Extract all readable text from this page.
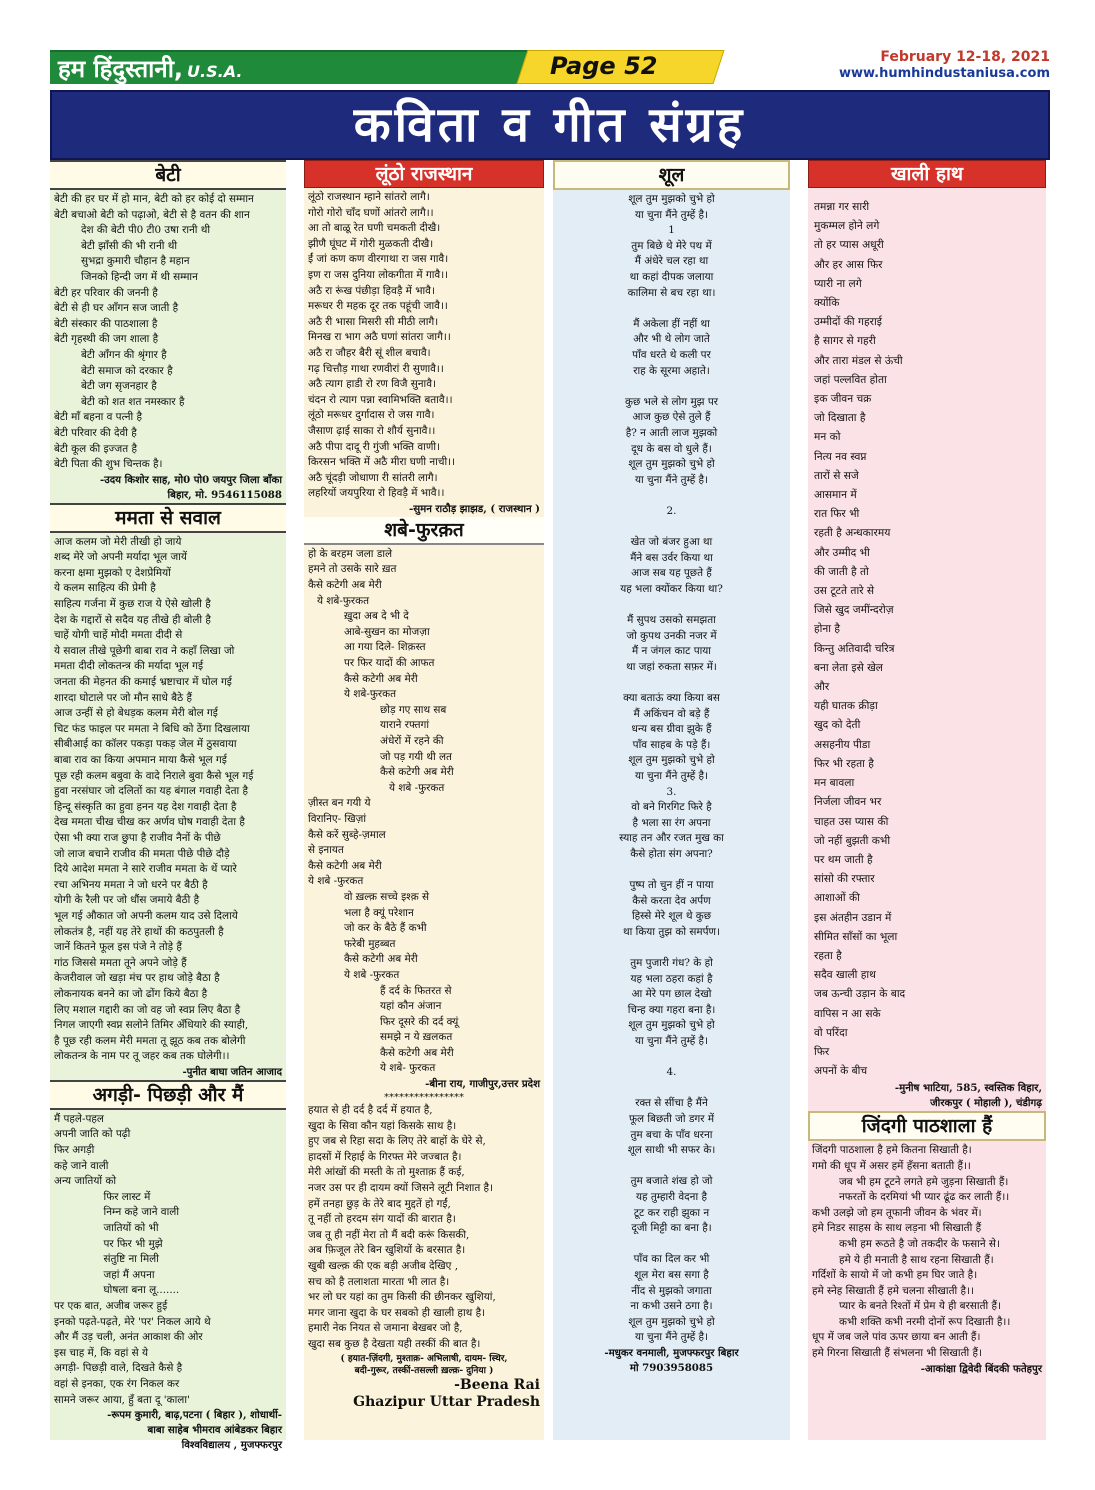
हम हिंदुस्तानी, U.S.A.	Page 52	February 12-18, 2021
www.humhindustaniusa.com
कविता व गीत संग्रह
बेटी
बेटी की हर घर में हो मान, बेटी को हर कोई दो सम्मान
बेटी बचाओ बेटी को पढ़ाओ, बेटी से है वतन की शान
देश की बेटी पी0 टी0 उषा रानी थी
बेटी झाँसी की भी रानी थी
सुभद्रा कुमारी चौहान है महान
जिनको हिन्दी जग में थी सम्मान
बेटी हर परिवार की जननी है
बेटी से ही घर आँगन सज जाती है
बेटी संस्कार की पाठशाला है
बेटी गृहस्थी की जग शाला है
बेटी आँगन की श्रृंगार है
बेटी समाज को दरकार है
बेटी जग सृजनहार है
बेटी को शत शत नमस्कार है
बेटी माँ बहना व पत्नी है
बेटी परिवार की देवी है
बेटी कूल की इज्जत है
बेटी पिता की शुभ चिन्तक है।
-उदय किशोर साह, मो0 पो0 जयपुर जिला बाँका
बिहार, मो. 9546115088
ममता से सवाल
आज कलम जो मेरी तीखी हो जाये
शब्द मेरे जो अपनी मर्यादा भूल जायें
करना क्षमा मुझको ए देशप्रेमियों
ये कलम साहित्य की प्रेमी है
साहित्य गर्जना में कुछ राज ये ऐसे खोली है
देश के गद्दारों से सदैव यह तीखे ही बोली है
चाहें योगी चाहें मोदी ममता दीदी से
ये सवाल तीखे पूछेगी बाबा राव ने कहाँ लिखा जो
ममता दीदी लोकतन्त्र की मर्यादा भूल गई
जनता की मेहनत की कमाई भ्रष्टाचार में घोल गई
शारदा घोटाले पर जो मौन साधे बैठे हैं
आज उन्हीं से हो बेधड़क कलम मेरी बोल गई
चिट फंड फाइल पर ममता ने बिधि को ठेंगा दिखलाया
सीबीआई का कॉलर पकड़ा पकड़ जेल में ठुसवाया
बाबा राव का किया अपमान माया कैसे भूल गई
पूछ रही कलम बबुवा के वादे निराले बुवा कैसे भूल गई
हुवा नरसंघार जो दलितों का यह बंगाल गवाही देता है
हिन्दू संस्कृति का हुवा हनन यह देश गवाही देता है
देख ममता चीख चीख कर अर्णव घोष गवाही देता है
ऐसा भी क्या राज छुपा है राजीव नैनों के पीछे
जो लाज बचाने राजीव की ममता पीछे पीछे दौड़े
दिये आदेश ममता ने सारे राजीव ममता के थें प्यारे
रचा अभिनय ममता ने जो धरने पर बैठी है
योगी के रैली पर जो धौंस जमाये बैठी है
भूल गई औकात जो अपनी कलम याद उसे दिलाये
लोकतंत्र है, नहीं यह तेरे हाथों की कठपुतली है
जानें कितने फूल इस पंजे ने तोड़े हैं
गांठ जिससे ममता तूने अपने जोड़े हैं
केजरीवाल जो खड़ा मंच पर हाथ जोड़े बैठा है
लोकनायक बनने का जो ढोंग किये बैठा है
लिए मशाल गद्दारी का जो वह जो स्वप्न लिए बैठा है
निगल जाएगी स्वप्न सलोने तिमिर अँधियारे की स्याही,
है पूछ रही कलम मेरी ममता तू झूठ कब तक बोलेगी
लोकतन्त्र के नाम पर तू जहर कब तक घोलेगी।।
-पुनीत बाघा जतिन आजाद
अगड़ी- पिछड़ी और मैं
मैं पहले-पहल
अपनी जाति को पढ़ी
फिर अगड़ी
कहे जाने वाली
अन्य जातियों को
फिर लास्ट में
निम्न कहे जाने वाली
जातियों को भी
पर फिर भी मुझे
संतुष्टि ना मिली
जहां मैं अपना
घोषला बना लू.......
पर एक बात, अजीब जरूर हुई
इनको पढ़ते-पढ़ते, मेरे 'पर' निकल आये थे
और मैं उड़ चली, अनंत आकाश की ओर
इस चाह में, कि वहां से ये
अगड़ी- पिछड़ी वाले, दिखते कैसे है
वहां से इनका, एक रंग निकल कर
सामने जरूर आया, हुँ बता दू 'काला'
-रूपम कुमारी, बाढ़,पटना ( बिहार ), शोधार्थी-
बाबा साहेब भीमराव आंबेडकर बिहार
विश्वविद्यालय , मुजफ्फरपुर
लूंठो राजस्थान
लूंठो राजस्थान म्हाने सांतरो लागै।
गोरो गोरो चाँद घणों आंतरो लागै।।
आ तो बाळू रेत घणी चमकती दीखै।
झीणै घूंघट में गोरी मुळकती दीखै।
ईं जां कण कण वीरगाथा रा जस गावै।
इण रा जस दुनिया लोकगीता में गावै।।
अठै रा रूंख पंछीड़ा हिवड़ै में भावै।
मरूधर री महक दूर तक पहूंची जावै।।
अठै री भासा मिसरी सी मीठी लागै।
मिनख रा भाग अठै घणां सांतरा जागै।।
अठै रा जौहर बैरी सूं शील बचावै।
गढ़ चित्तौड़ गाथा रणवीरां री सुणावै।।
अठै त्याग हाडी रो रण विजै सुनावै।
चंदन रो त्याग पन्ना स्वामिभक्ति बतावै।।
लूंठो मरूधर दुर्गादास रो जस गावै।
जैसाण ढ़ाई साका रो शौर्य सुनावै।।
अठै पीपा दादू री गुंजी भक्ति वाणी।
किरसन भक्ति में अठै मीरा घणी नाची।।
अठै चूंदड़ी जोधाणा री सांतरी लागै।
लहरियों जयपुरिया रो हिवड़ै में भावै।।
-सुमन राठौड़ झाझड, ( राजस्थान )
शबे-फुरक़त
हो के बरहम जला डाले
हमने तो उसके सारे ख़त
कैसे कटेगी अब मेरी
ये शबे-फुरकत
ख़ुदा अब दे भी दे
आबे-सुखन का मोजज़ा
आ गया दिले- शिक़स्त
पर फिर यादों की आफत
कैसे कटेगी अब मेरी
ये शबे-फुरकत
छोड़ गए साथ सब
याराने रफ्तगां
अंधेरों में रहने की
जो पड़ गयी थी लत
कैसे कटेगी अब मेरी
ये शबे -फुरकत
ज़ीस्त बन गयी ये
विरानिए- खिज़ां
कैसे करें सुब्हे-ज़माल
से इनायत
कैसे कटेगी अब मेरी
ये शबे -फुरकत
वो ख़ल्क़ सच्चे इश्क़ से
भला है क्यूं परेशान
जो कर के बैठे हैं कभी
फरेबी मुहब्बत
कैसे कटेगी अब मेरी
ये शबे -फुरकत
हैं दर्द के फितरत से
यहां कौन अंजान
फिर दूसरे की दर्द क्यूं
समझे न ये ख़लकत
कैसे कटेगी अब मेरी
ये शबे- फुरकत
-बीना राय, गाजीपुर,उत्तर प्रदेश
****************
हयात से ही दर्द है दर्द में हयात है,
खुदा के सिवा कौन यहां किसके साथ है।
हुए जब से रिहा सदा के लिए तेरे बाहों के घेरे से,
हादसों में रिहाई के गिरफ्त मेरे जज्बात है।
मेरी आंखों की मस्ती के तो मुश्ताक़ हैं कई,
नजर उस पर ही दायम क्यों जिसने लूटी निशात है।
हमें तनहा छुड़ के तेरे बाद मुद्दतें हो गईं,
तू नहीं तो हरदम संग यादों की बारात है।
जब तू ही नहीं मेरा तो मैं बदी करूं किसकी,
अब फ़िजूल तेरे बिन खुशियों के बरसात है।
खुबी खल्क़ की एक बड़ी अजीब देखिए ,
सच को है तलाशता मारता भी लात है।
भर लो घर यहां का तुम किसी की छीनकर खुशियां,
मगर जाना खुदा के घर सबको ही खाली हाथ है।
हमारी नेक नियत से जमाना बेखबर जो है,
खुदा सब कुछ है देखता यही तस्कीं की बात है।
( हयात-ज़िंदगी, मुश्ताक़- अभिलाषी, दायम- स्थिर,
बदी-गुरूर, तस्कीं-तसल्ली ख़ल्क़- दुनिया )
-Beena Rai
Ghazipur Uttar Pradesh
शूल
शूल तुम मुझको चुभे हो
या चुना मैंने तुम्हें है।
1
तुम बिछे थे मेरे पथ में
मैं अंधेरे चल रहा था
था कहां दीपक जलाया
कालिमा से बच रहा था।

मैं अकेला हीं नहीं था
और भी थे लोग जाते
पाँव धरते थे कली पर
राह के सूरमा अहाते।

कुछ भले से लोग मुझ पर
आज कुछ ऐसे तुले हैं
है? न आती लाज मुझको
दूध के बस वो धुले हैं।
शूल तुम मुझको चुभे हो
या चुना मैंने तुम्हें है।

2.

खेत जो बंजर हुआ था
मैंने बस उर्वर किया था
आज सब यह पूछते हैं
यह भला क्योंकर किया था?

मैं सुपथ उसको समझता
जो कुपथ उनकी नजर में
मैं न जंगल काट पाया
था जहां रुकता सफ़र में।

क्या बताऊं क्या किया बस
मैं अकिंचन वो बड़े हैं
धन्य बस ग्रीवा झुके हैं
पाँव साहब के पड़े हैं।
शूल तुम मुझको चुभे हो
या चुना मैंने तुम्हें है।
3.
वो बने गिरगिट फिरे है
है भला सा रंग अपना
स्याह तन और रजत मुख का
कैसे होता संग अपना?

पुष्प तो चुन हीं न पाया
कैसे करता देव अर्पण
हिस्से मेरे शूल थे कुछ
था किया तुझ को समर्पण।

तुम पुजारी गंध? के हो
यह भला ठहरा कहां है
आ मेरे पग छाल देखो
चिन्ह क्या गहरा बना है।
शूल तुम मुझको चुभे हो
या चुना मैंने तुम्हें है।

4.

रक्त से सींचा है मैंने
फूल बिछती जो डगर में
तुम बचा के पाँव धरना
शूल साथी भी सफर के।

तुम बजाते शंख हो जो
यह तुम्हारी वेदना है
टूट कर राही झुका न
दूजी मिट्टी का बना है।

पाँव का दिल कर भी
शूल मेरा बस सगा है
नींद से मुझको जगाता
ना कभी उसने ठगा है।
शूल तुम मुझको चुभे हो
या चुना मैंने तुम्हें है।
-मधुकर वनमाली, मुजफ्फरपुर बिहार
मो 7903958085
खाली हाथ
तमन्ना गर सारी
मुकम्मल होने लगे
तो हर प्यास अधूरी
और हर आस फिर
प्यारी ना लगे
क्योंकि
उम्मीदों की गहराई
है सागर से गहरी
और तारा मंडल से ऊंची
जहां पल्लवित होता
इक जीवन चक्र
जो दिखाता है
मन को
नित्य नव स्वप्न
तारों से सजे
आसमान में
रात फिर भी
रहती है अन्धकारमय
और उम्मीद भी
की जाती है तो
उस टूटते तारे से
जिसे खुद जमींन्दरोज़
होना है
किन्तु अतिवादी चरित्र
बना लेता इसे खेल
और
यही घातक क्रीड़ा
खुद को देती
असहनीय पीडा
फिर भी रहता है
मन बावला
निर्जला जीवन भर
चाहत उस प्यास की
जो नहीं बुझती कभी
पर थम जाती है
सांसो की रफ्तार
आशाओं की
इस अंतहीन उडान में
सीमित साँसों का भूला
रहता है
सदैव खाली हाथ
जब ऊन्ची उड़ान के बाद
वापिस न आ सके
वो परिंदा
फिर
अपनों के बीच
-मुनीष भाटिया, 585, स्वस्तिक विहार,
जीरकपुर ( मोहाली ), चंडीगढ़
जिंदगी पाठशाला हैं
जिंदगी पाठशाला है हमे कितना सिखाती है।
गमो की धूप में असर हमें हँसना बताती हैं।।
जब भी हम टूटने लगते हमे जुड़ना सिखाती हैं।
नफरतों के दरमियां भी प्यार ढूंढ कर लाती हैं।।
कभी उलझे जो हम तूफानी जीवन के भंवर में।
हमे निडर साहस के साथ लड़ना भी सिखाती हैं
कभी हम रूठते है जो तकदीर के फसाने से।
हमे ये ही मनाती है साथ रहना सिखाती हैं।
गर्दिशों के सायो में जो कभी हम घिर जाते है।
हमे स्नेह सिखाती हैं हमे चलना सीखाती है।।
प्यार के बनते रिश्तों में प्रेम ये ही बरसाती हैं।
कभी शक्ति कभी नरमी दोनों रूप दिखाती है।।
धूप में जब जले पांव ऊपर छाया बन आती हैं।
हमे गिरना सिखाती हैं संभलना भी सिखाती हैं।
-आकांक्षा द्विवेदी बिंदकी फतेहपुर
